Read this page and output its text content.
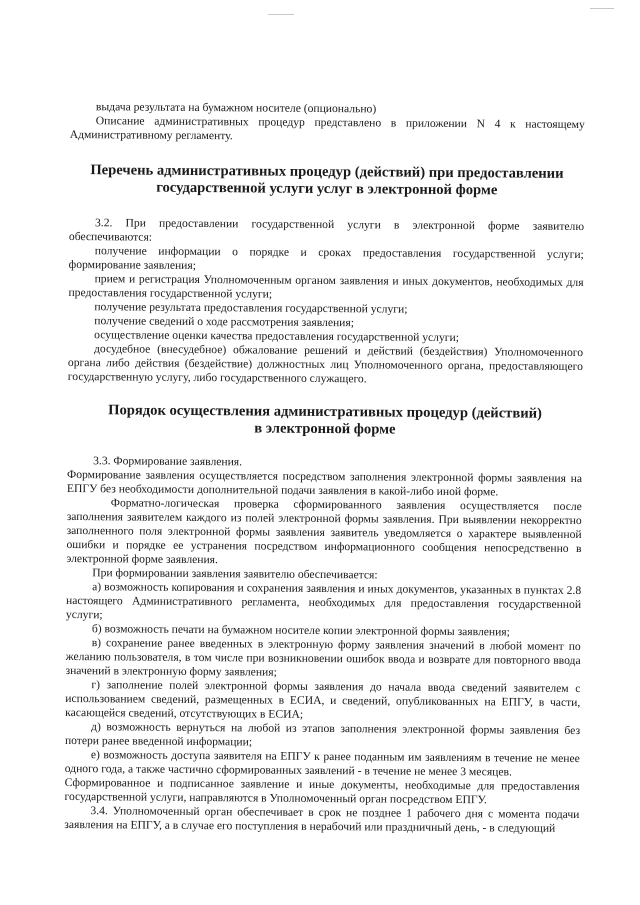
выдача результата на бумажном носителе (опционально)

Описание административных процедур представлено в приложении N 4 к настоящему Административному регламенту.

Перечень административных процедур (действий) при предоставлении государственной услуги услуг в электронной форме

3.2. При предоставлении государственной услуги в электронной форме заявителю обеспечиваются:

получение информации о порядке и сроках предоставления государственной услуги; формирование заявления;

прием и регистрация Уполномоченным органом заявления и иных документов, необходимых для предоставления государственной услуги;

получение результата предоставления государственной услуги;

получение сведений о ходе рассмотрения заявления;

осуществление оценки качества предоставления государственной услуги;

досудебное (внесудебное) обжалование решений и действий (бездействия) Уполномоченного органа либо действия (бездействие) должностных лиц Уполномоченного органа, предоставляющего государственную услугу, либо государственного служащего.

Порядок осуществления административных процедур (действий) в электронной форме

3.3. Формирование заявления.

Формирование заявления осуществляется посредством заполнения электронной формы заявления на ЕПГУ без необходимости дополнительной подачи заявления в какой-либо иной форме.

Форматно-логическая проверка сформированного заявления осуществляется после заполнения заявителем каждого из полей электронной формы заявления. При выявлении некорректно заполненного поля электронной формы заявления заявитель уведомляется о характере выявленной ошибки и порядке ее устранения посредством информационного сообщения непосредственно в электронной форме заявления.

При формировании заявления заявителю обеспечивается:

а) возможность копирования и сохранения заявления и иных документов, указанных в пунктах 2.8 настоящего Административного регламента, необходимых для предоставления государственной услуги;

б) возможность печати на бумажном носителе копии электронной формы заявления;

в) сохранение ранее введенных в электронную форму заявления значений в любой момент по желанию пользователя, в том числе при возникновении ошибок ввода и возврате для повторного ввода значений в электронную форму заявления;

г) заполнение полей электронной формы заявления до начала ввода сведений заявителем с использованием сведений, размещенных в ЕСИА, и сведений, опубликованных на ЕПГУ, в части, касающейся сведений, отсутствующих в ЕСИА;

д) возможность вернуться на любой из этапов заполнения электронной формы заявления без потери ранее введенной информации;

е) возможность доступа заявителя на ЕПГУ к ранее поданным им заявлениям в течение не менее одного года, а также частично сформированных заявлений - в течение не менее 3 месяцев.

Сформированное и подписанное заявление и иные документы, необходимые для предоставления государственной услуги, направляются в Уполномоченный орган посредством ЕПГУ.

3.4. Уполномоченный орган обеспечивает в срок не позднее 1 рабочего дня с момента подачи заявления на ЕПГУ, а в случае его поступления в нерабочий или праздничный день, - в следующий
